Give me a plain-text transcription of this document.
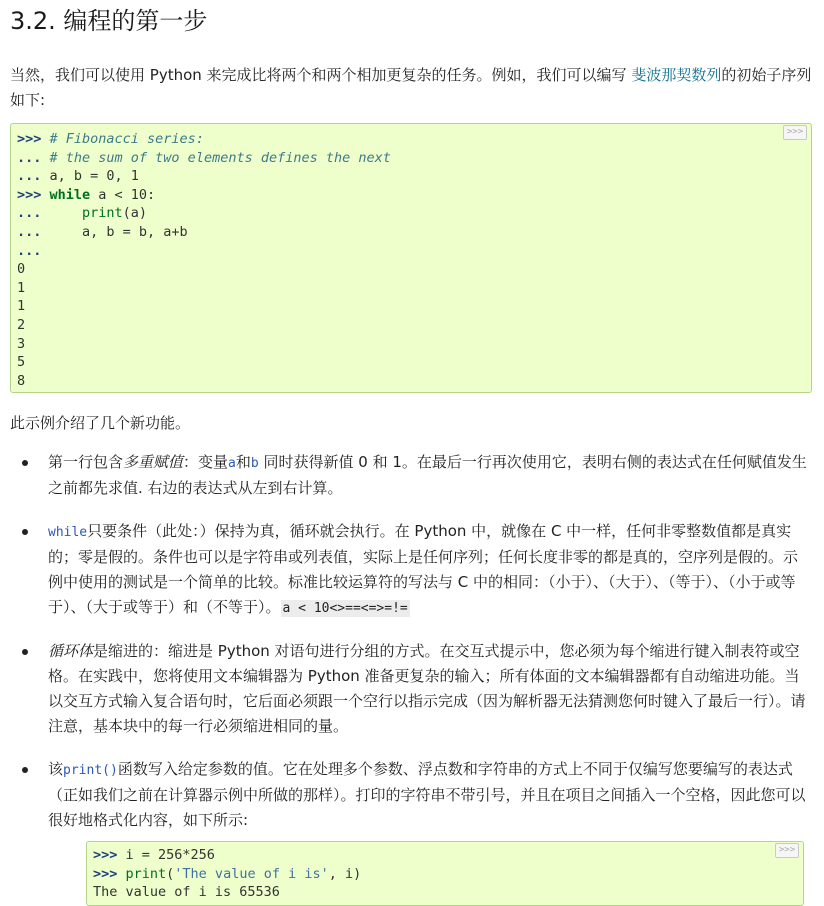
3.2. 编程的第一步

当然，我们可以使用 Python 来完成比将两个和两个相加更复杂的任务。例如，我们可以编写 斐波那契数列的初始子序列 如下:

>>>
>>> # Fibonacci series:
... # the sum of two elements defines the next
... a, b = 0, 1
>>> while a < 10:
...     print(a)
...     a, b = b, a+b
...
0
1
1
2
3
5
8

此示例介绍了几个新功能。

第一行包含多重赋值：变量a和b 同时获得新值 0 和 1。在最后一行再次使用它，表明右侧的表达式在任何赋值发生之前都先求值. 右边的表达式从左到右计算。
while只要条件（此处：）保持为真，循环就会执行。在 Python 中，就像在 C 中一样，任何非零整数值都是真实的；零是假的。条件也可以是字符串或列表值，实际上是任何序列；任何长度非零的都是真的，空序列是假的。示例中使用的测试是一个简单的比较。标准比较运算符的写法与 C 中的相同：（小于）、（大于）、（等于）、（小于或等于）、（大于或等于）和（不等于）。 a < 10<>==<=>=!=
循环体是缩进的：缩进是 Python 对语句进行分组的方式。在交互式提示中，您必须为每个缩进行键入制表符或空格。在实践中，您将使用文本编辑器为 Python 准备更复杂的输入；所有体面的文本编辑器都有自动缩进功能。当以交互方式输入复合语句时，它后面必须跟一个空行以指示完成（因为解析器无法猜测您何时键入了最后一行）。请注意，基本块中的每一行必须缩进相同的量。
该print()函数写入给定参数的值。它在处理多个参数、浮点数和字符串的方式上不同于仅编写您要编写的表达式（正如我们之前在计算器示例中所做的那样）。打印的字符串不带引号，并且在项目之间插入一个空格，因此您可以很好地格式化内容，如下所示:
>>>
>>> i = 256*256
>>> print('The value of i is', i)
The value of i is 65536
